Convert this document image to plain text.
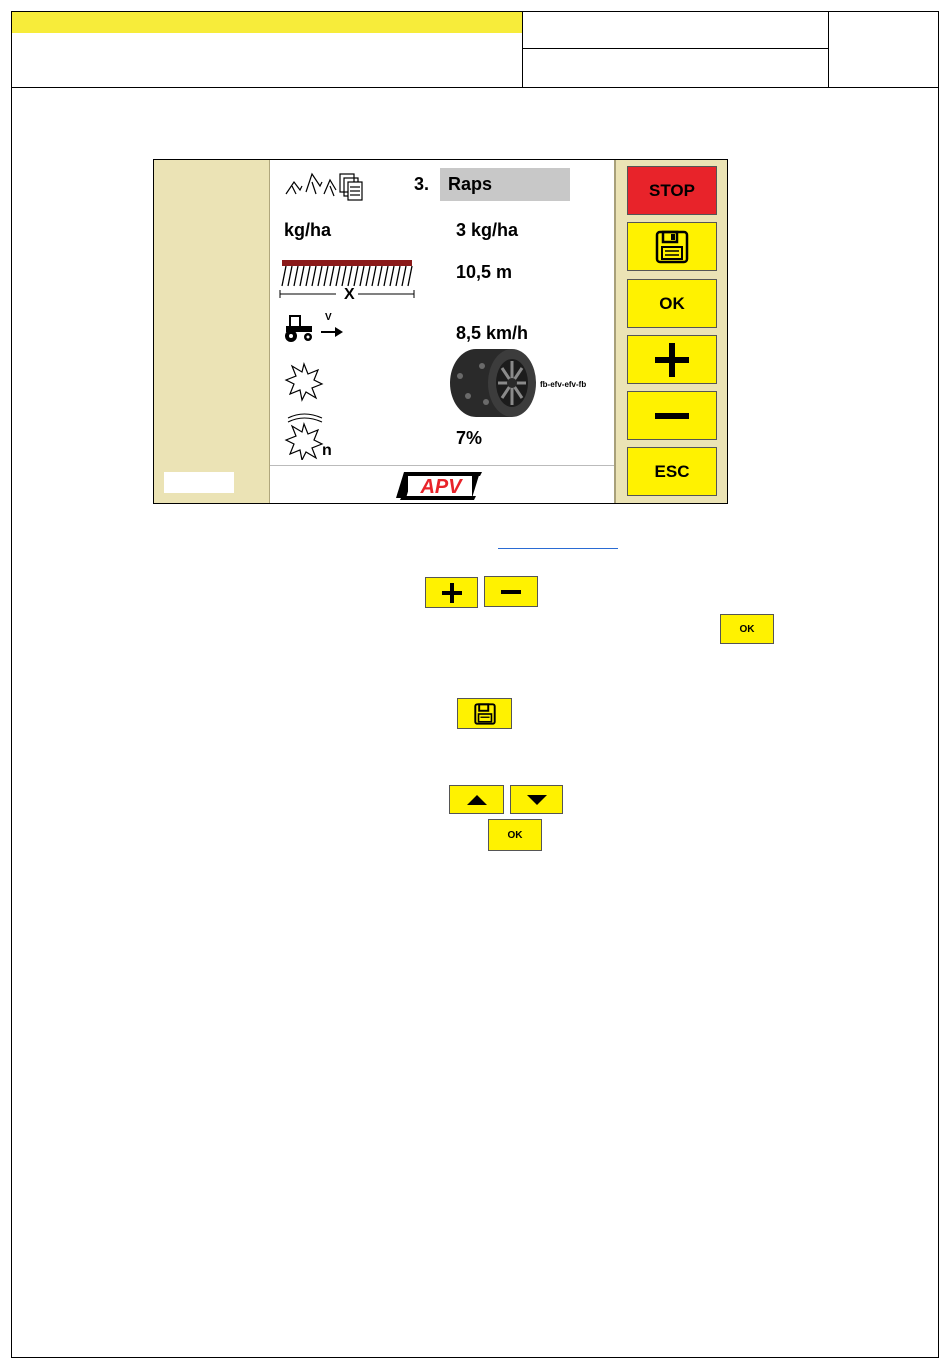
3.	Raps
kg/ha	3 kg/ha
X
10,5 m
V
8,5 km/h
fb-efv-efv-fb
n
7%
APV
STOP
OK
ESC
OK
OK
